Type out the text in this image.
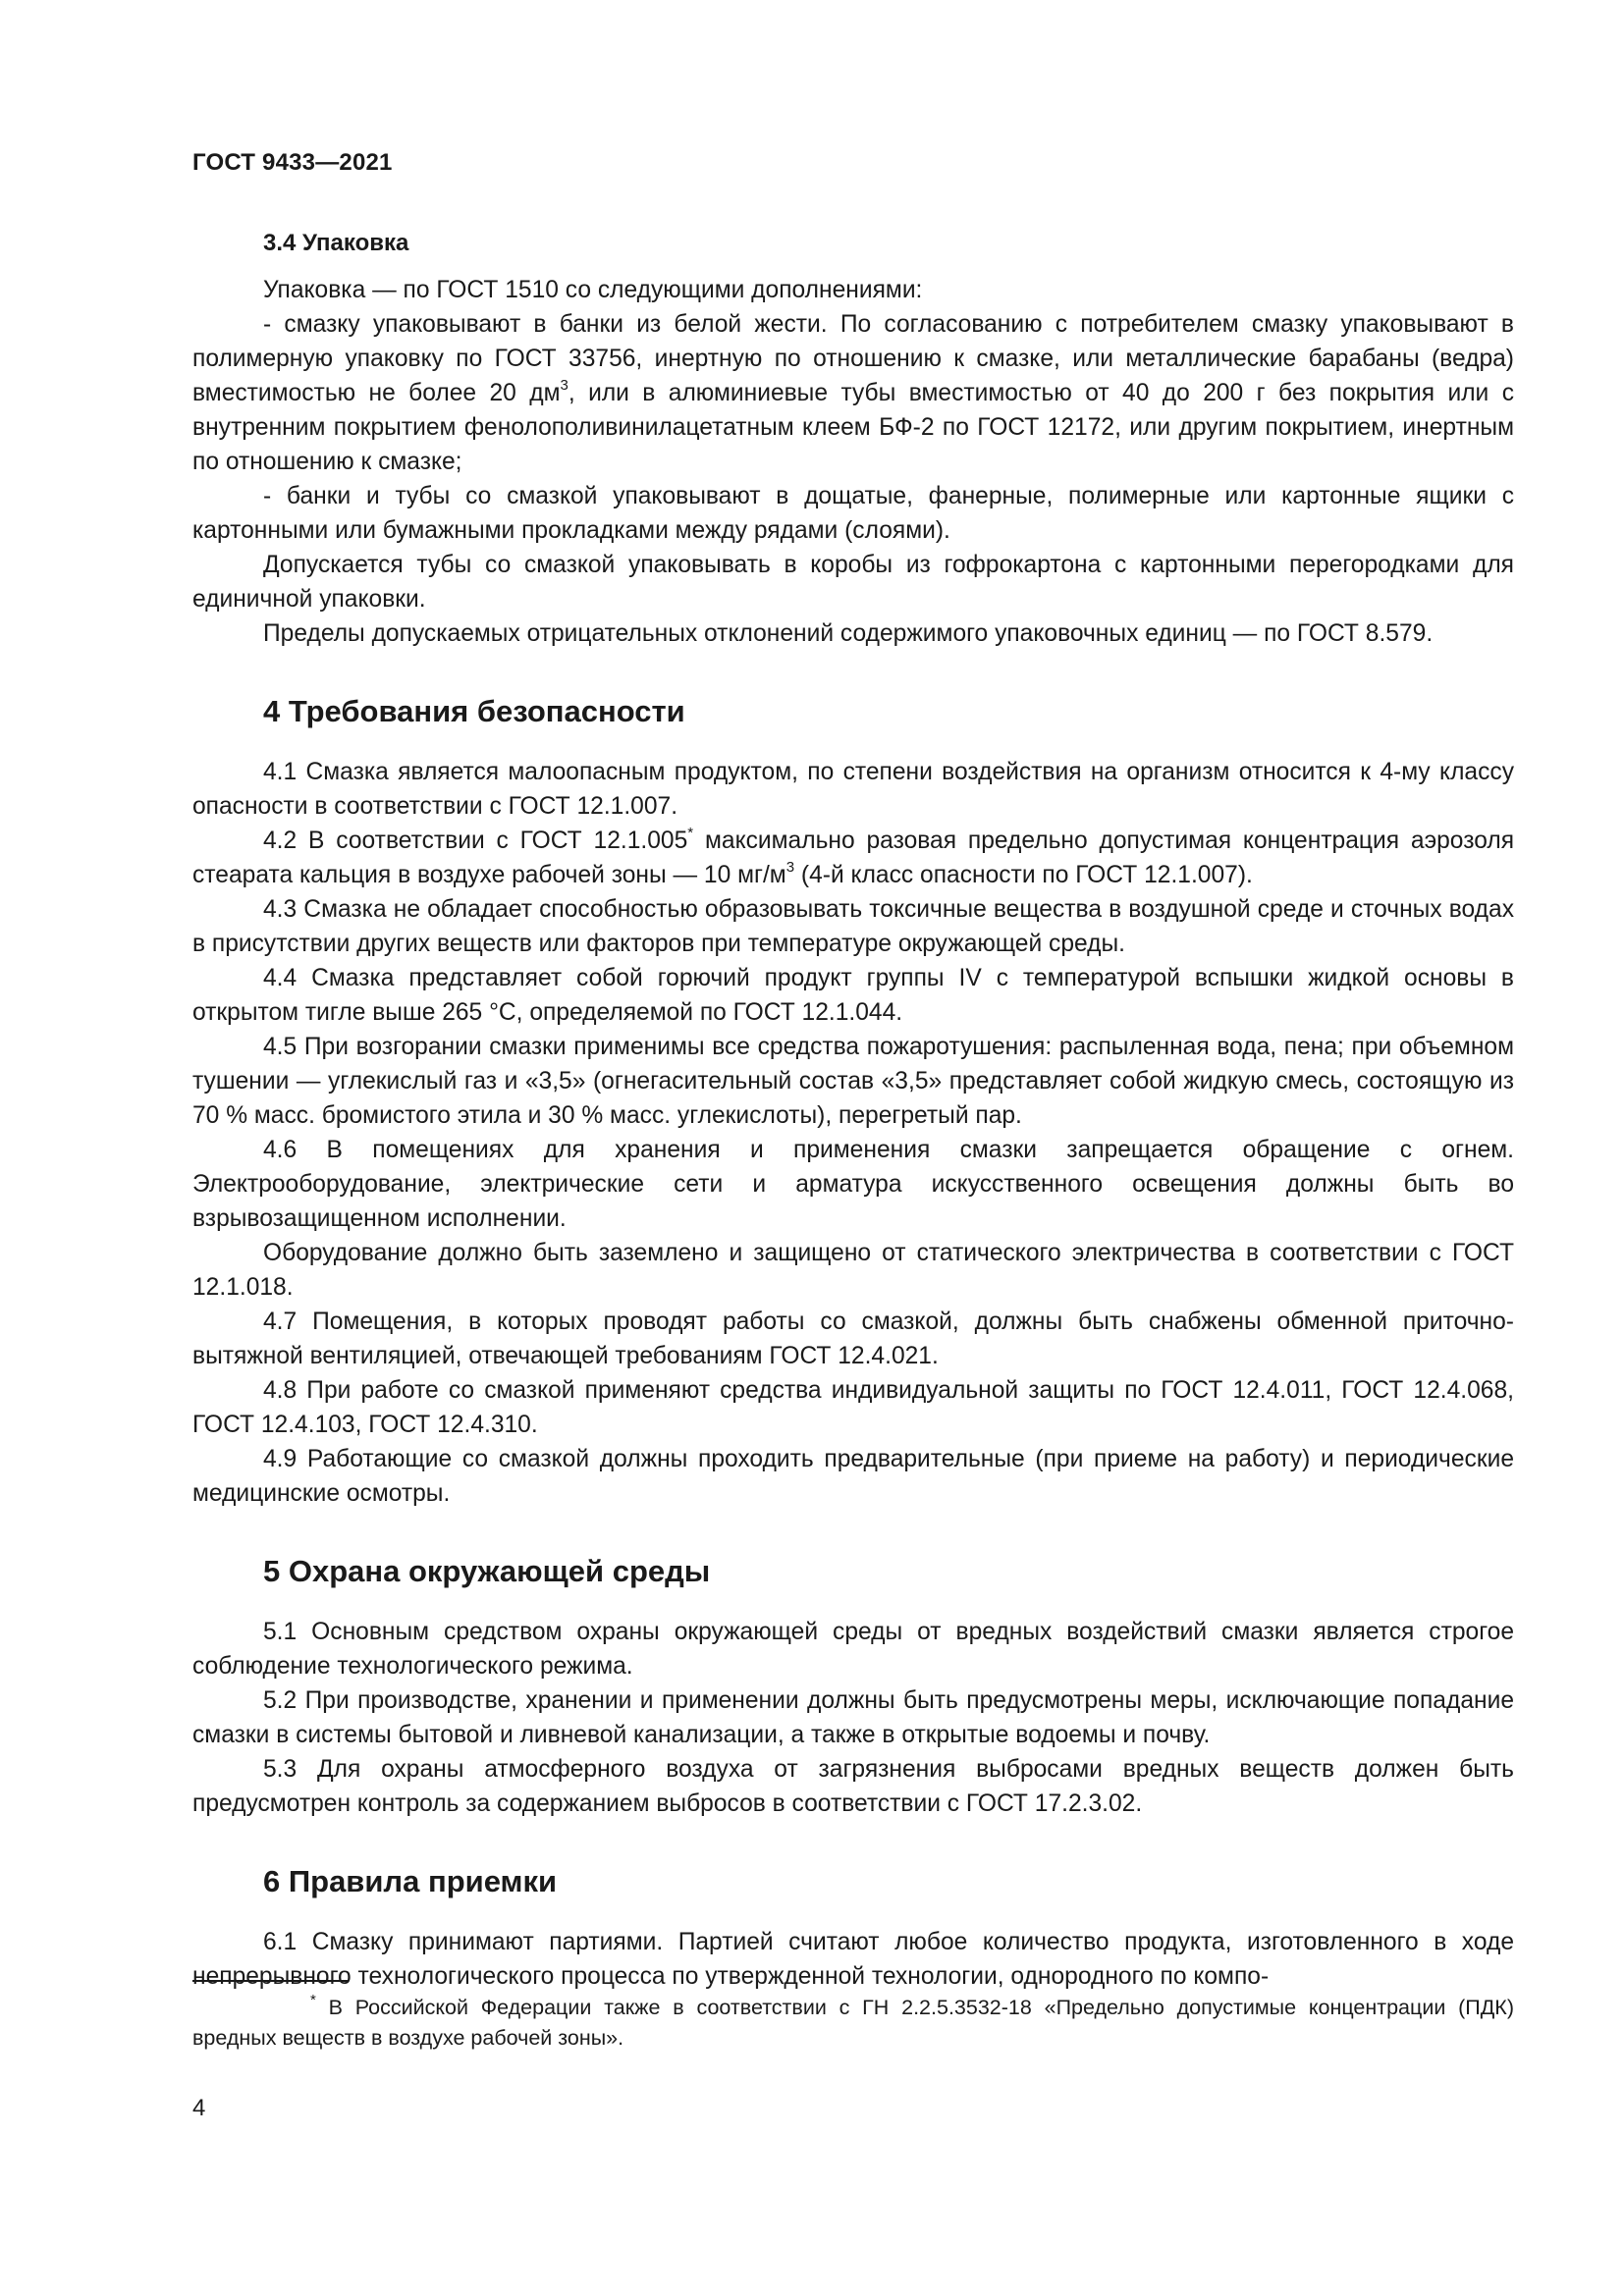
ГОСТ 9433—2021
3.4 Упаковка

Упаковка — по ГОСТ 1510 со следующими дополнениями:

- смазку упаковывают в банки из белой жести. По согласованию с потребителем смазку упаковывают в полимерную упаковку по ГОСТ 33756, инертную по отношению к смазке, или металлические барабаны (ведра) вместимостью не более 20 $дм^3$, или в алюминиевые тубы вместимостью от 40 до 200 г без покрытия или с внутренним покрытием фенолополивинилацетатным клеем БФ-2 по ГОСТ 12172, или другим покрытием, инертным по отношению к смазке;

- банки и тубы со смазкой упаковывают в дощатые, фанерные, полимерные или картонные ящики с картонными или бумажными прокладками между рядами (слоями).

Допускается тубы со смазкой упаковывать в коробы из гофрокартона с картонными перегородками для единичной упаковки.

Пределы допускаемых отрицательных отклонений содержимого упаковочных единиц — по ГОСТ 8.579.

4 Требования безопасности

4.1 Смазка является малоопасным продуктом, по степени воздействия на организм относится к 4-му классу опасности в соответствии с ГОСТ 12.1.007.

4.2 В соответствии с ГОСТ 12.1.005* максимально разовая предельно допустимая концентрация аэрозоля стеарата кальция в воздухе рабочей зоны — 10 $мг/м^3$ (4-й класс опасности по ГОСТ 12.1.007).

4.3 Смазка не обладает способностью образовывать токсичные вещества в воздушной среде и сточных водах в присутствии других веществ или факторов при температуре окружающей среды.

4.4 Смазка представляет собой горючий продукт группы IV с температурой вспышки жидкой основы в открытом тигле выше 265 °С, определяемой по ГОСТ 12.1.044.

4.5 При возгорании смазки применимы все средства пожаротушения: распыленная вода, пена; при объемном тушении — углекислый газ и «3,5» (огнегасительный состав «3,5» представляет собой жидкую смесь, состоящую из 70 % масс. бромистого этила и 30 % масс. углекислоты), перегретый пар.

4.6 В помещениях для хранения и применения смазки запрещается обращение с огнем. Электрооборудование, электрические сети и арматура искусственного освещения должны быть во взрывозащищенном исполнении.

Оборудование должно быть заземлено и защищено от статического электричества в соответствии с ГОСТ 12.1.018.

4.7 Помещения, в которых проводят работы со смазкой, должны быть снабжены обменной приточно-вытяжной вентиляцией, отвечающей требованиям ГОСТ 12.4.021.

4.8 При работе со смазкой применяют средства индивидуальной защиты по ГОСТ 12.4.011, ГОСТ 12.4.068, ГОСТ 12.4.103, ГОСТ 12.4.310.

4.9 Работающие со смазкой должны проходить предварительные (при приеме на работу) и периодические медицинские осмотры.

5 Охрана окружающей среды

5.1 Основным средством охраны окружающей среды от вредных воздействий смазки является строгое соблюдение технологического режима.

5.2 При производстве, хранении и применении должны быть предусмотрены меры, исключающие попадание смазки в системы бытовой и ливневой канализации, а также в открытые водоемы и почву.

5.3 Для охраны атмосферного воздуха от загрязнения выбросами вредных веществ должен быть предусмотрен контроль за содержанием выбросов в соответствии с ГОСТ 17.2.3.02.

6 Правила приемки

6.1 Смазку принимают партиями. Партией считают любое количество продукта, изготовленного в ходе непрерывного технологического процесса по утвержденной технологии, однородного по компо-

* В Российской Федерации также в соответствии с ГН 2.2.5.3532-18 «Предельно допустимые концентрации (ПДК) вредных веществ в воздухе рабочей зоны».
4
